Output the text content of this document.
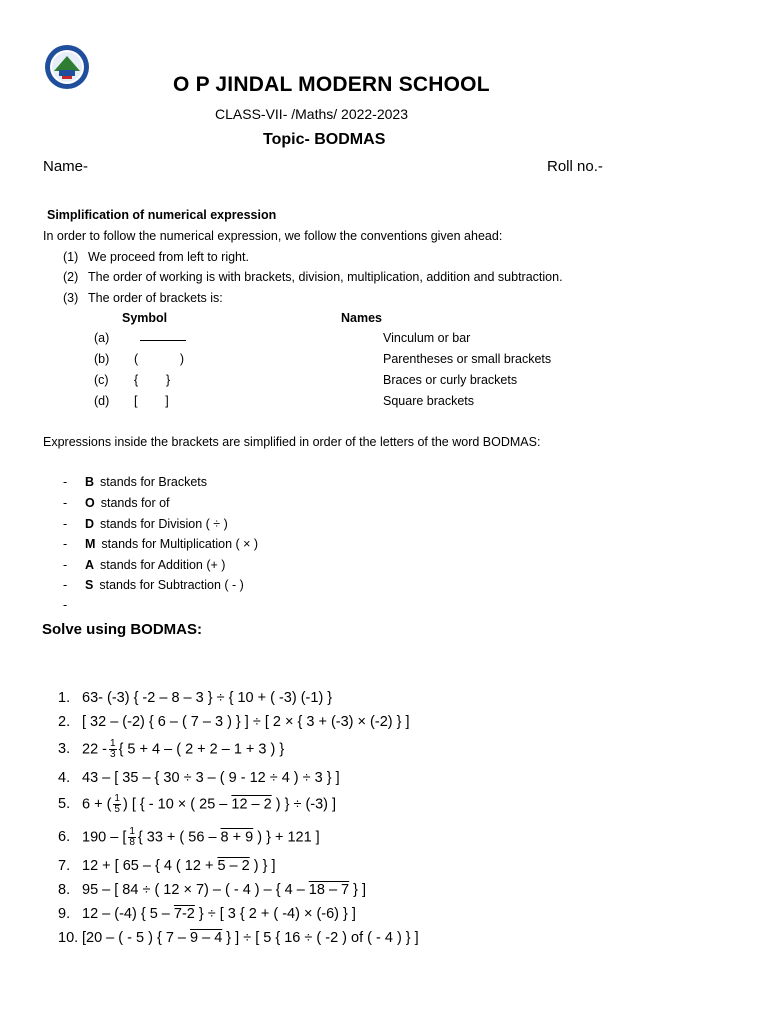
O P JINDAL MODERN SCHOOL
CLASS-VII- /Maths/ 2022-2023
Topic- BODMAS
Name-	Roll no.-
Simplification of numerical expression
In order to follow the numerical expression, we follow the conventions given ahead:
(1) We proceed from left to right.
(2) The order of working is with brackets, division, multiplication, addition and subtraction.
(3) The order of brackets is:
Symbol	Names
(a)	Vinculum or bar
(b) (            )	Parentheses or small brackets
(c) {        }	Braces or curly brackets
(d) [        ]	Square brackets
Expressions inside the brackets are simplified in order of the letters of the word BODMAS:
- B stands for Brackets
- O stands for of
- D stands for Division ( ÷ )
- M stands for Multiplication ( × )
- A stands for Addition (+ )
- S stands for Subtraction ( - )
-
Solve using BODMAS:
1. 63- (-3) { -2 – 8 – 3 } ÷ { 10 + ( -3) (-1) }
2. [ 32 – (-2) { 6 – ( 7 – 3 ) } ] ÷ [ 2 × { 3 + (-3) × (-2) } ]
3. $22 - \frac{1}{3}$ { 5 + 4 – ( 2 + 2 – 1 + 3 ) }
4. 43 – [ 35 – { 30 ÷ 3 – ( 9 - 12 ÷ 4 ) ÷ 3 } ]
5. 6 + ( $\frac{1}{5}$ ) [ { - 10 × ( 25 – 12 – 2 ) } ÷ (-3) ]
6. 190 – [ $\frac{1}{8}$ { 33 + ( 56 – 8 + 9 ) } + 121 ]
7. 12 + [ 65 – { 4 ( 12 + 5 – 2 ) } ]
8. 95 – [ 84 ÷ ( 12 × 7) – ( - 4 ) – { 4 – 18 – 7 } ]
9. 12 – (-4) { 5 – 7-2 } ÷ [ 3 { 2 + ( -4) × (-6) } ]
10. [20 – ( - 5 ) { 7 – 9 – 4 } ] ÷ [ 5 { 16 ÷ ( -2 ) of ( - 4 ) } ]
